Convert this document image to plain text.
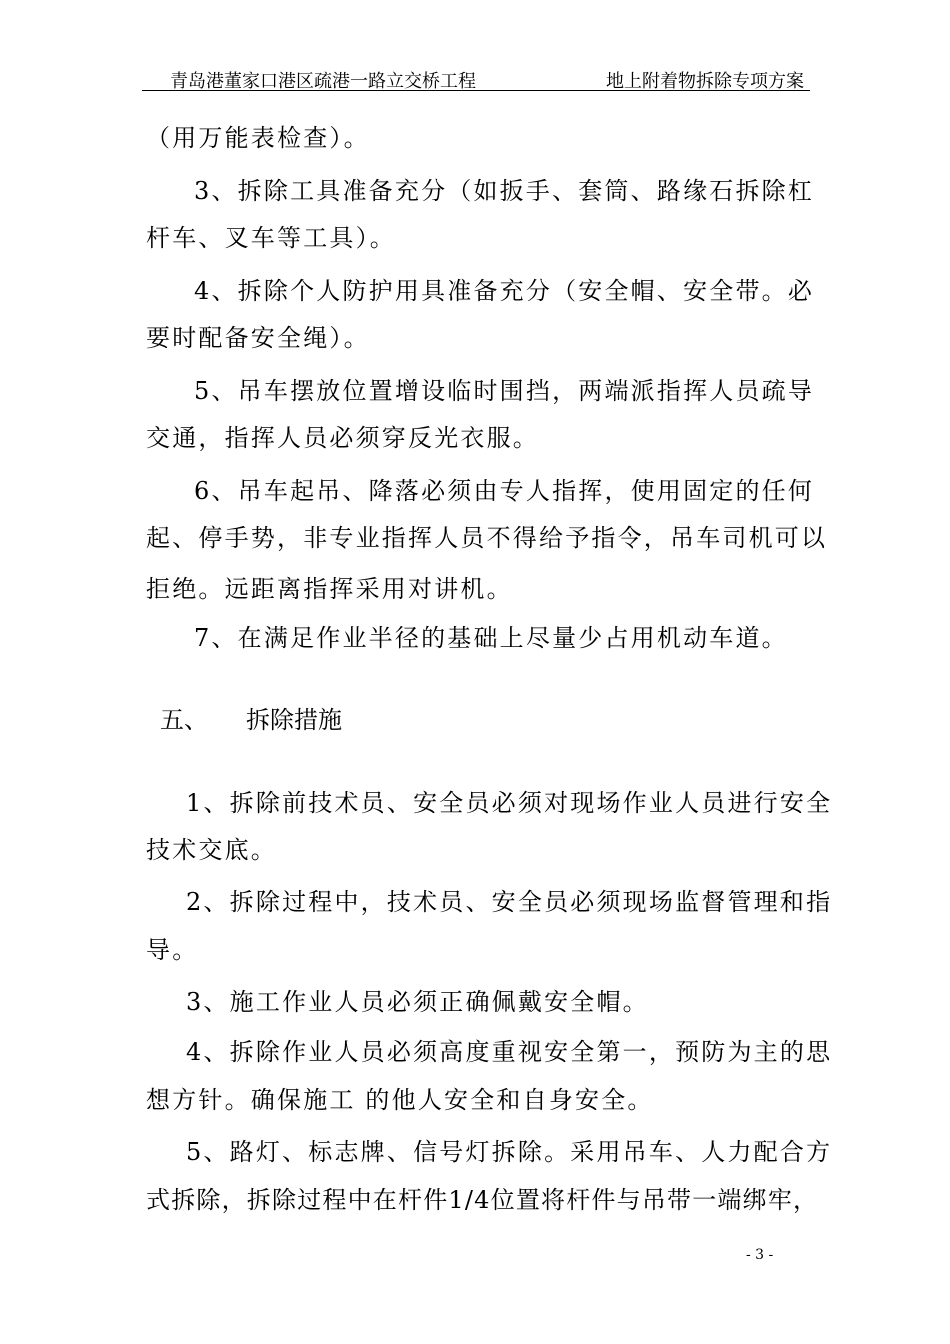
青岛港董家口港区疏港一路立交桥工程	地上附着物拆除专项方案
（用万能表检查）。
3、拆除工具准备充分（如扳手、套筒、路缘石拆除杠
杆车、叉车等工具）。
4、拆除个人防护用具准备充分（安全帽、安全带。必
要时配备安全绳）。
5、吊车摆放位置增设临时围挡，两端派指挥人员疏导
交通，指挥人员必须穿反光衣服。
6、吊车起吊、降落必须由专人指挥，使用固定的任何
起、停手势，非专业指挥人员不得给予指令，吊车司机可以
拒绝。远距离指挥采用对讲机。
7、在满足作业半径的基础上尽量少占用机动车道。
五、 拆除措施
1、拆除前技术员、安全员必须对现场作业人员进行安全
技术交底。
2、拆除过程中，技术员、安全员必须现场监督管理和指
导。
3、施工作业人员必须正确佩戴安全帽。
4、拆除作业人员必须高度重视安全第一，预防为主的思
想方针。确保施工 的他人安全和自身安全。
5、路灯、标志牌、信号灯拆除。采用吊车、人力配合方
式拆除，拆除过程中在杆件1/4位置将杆件与吊带一端绑牢，
- 3 -
